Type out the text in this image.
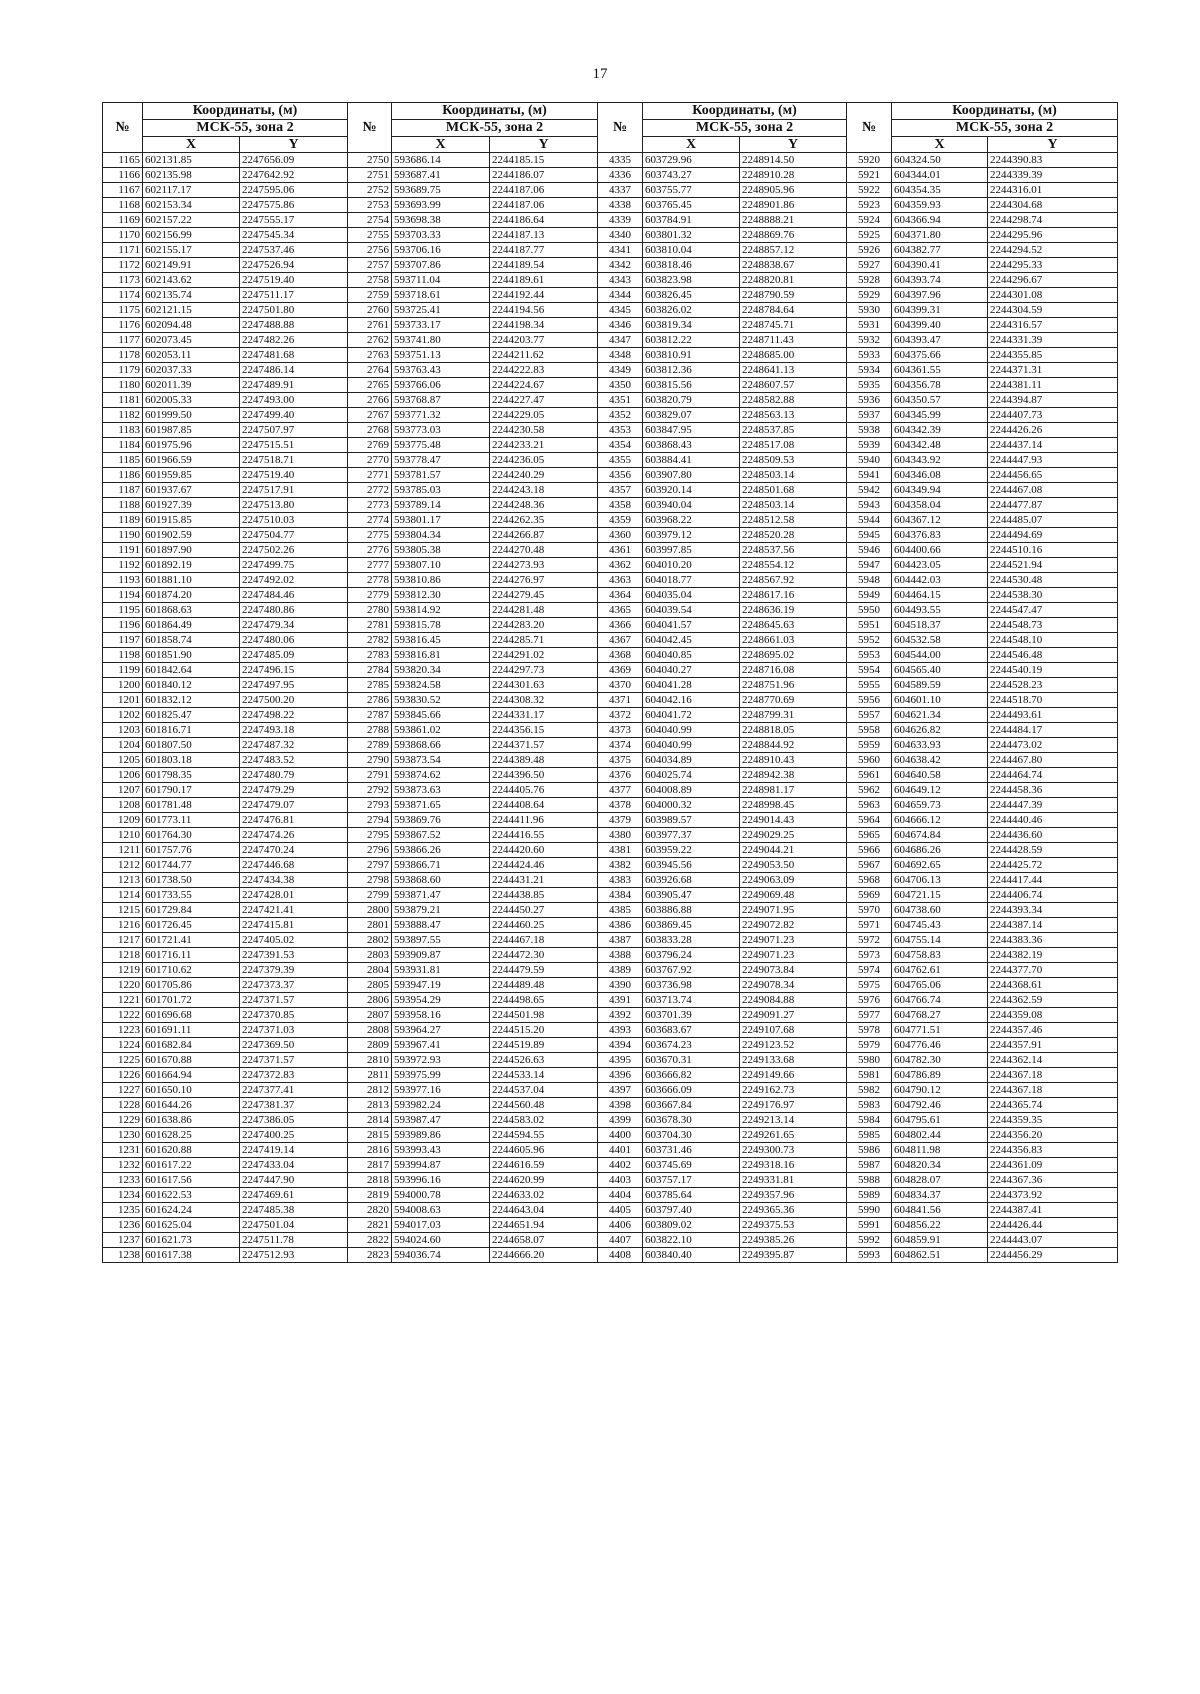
17
№	Координаты, (м)		№	Координаты, (м)		№	Координаты, (м)		№	Координаты, (м)	
	МСК-55, зона 2			МСК-55, зона 2			МСК-55, зона 2			МСК-55, зона 2	
	X	Y		X	Y		X	Y		X	Y
1165	602131.85	2247656.09	2750	593686.14	2244185.15	4335	603729.96	2248914.50	5920	604324.50	2244390.83
1166	602135.98	2247642.92	2751	593687.41	2244186.07	4336	603743.27	2248910.28	5921	604344.01	2244339.39
1167	602117.17	2247595.06	2752	593689.75	2244187.06	4337	603755.77	2248905.96	5922	604354.35	2244316.01
1168	602153.34	2247575.86	2753	593693.99	2244187.06	4338	603765.45	2248901.86	5923	604359.93	2244304.68
1169	602157.22	2247555.17	2754	593698.38	2244186.64	4339	603784.91	2248888.21	5924	604366.94	2244298.74
1170	602156.99	2247545.34	2755	593703.33	2244187.13	4340	603801.32	2248869.76	5925	604371.80	2244295.96
1171	602155.17	2247537.46	2756	593706.16	2244187.77	4341	603810.04	2248857.12	5926	604382.77	2244294.52
1172	602149.91	2247526.94	2757	593707.86	2244189.54	4342	603818.46	2248838.67	5927	604390.41	2244295.33
1173	602143.62	2247519.40	2758	593711.04	2244189.61	4343	603823.98	2248820.81	5928	604393.74	2244296.67
1174	602135.74	2247511.17	2759	593718.61	2244192.44	4344	603826.45	2248790.59	5929	604397.96	2244301.08
1175	602121.15	2247501.80	2760	593725.41	2244194.56	4345	603826.02	2248784.64	5930	604399.31	2244304.59
1176	602094.48	2247488.88	2761	593733.17	2244198.34	4346	603819.34	2248745.71	5931	604399.40	2244316.57
1177	602073.45	2247482.26	2762	593741.80	2244203.77	4347	603812.22	2248711.43	5932	604393.47	2244331.39
1178	602053.11	2247481.68	2763	593751.13	2244211.62	4348	603810.91	2248685.00	5933	604375.66	2244355.85
1179	602037.33	2247486.14	2764	593763.43	2244222.83	4349	603812.36	2248641.13	5934	604361.55	2244371.31
1180	602011.39	2247489.91	2765	593766.06	2244224.67	4350	603815.56	2248607.57	5935	604356.78	2244381.11
1181	602005.33	2247493.00	2766	593768.87	2244227.47	4351	603820.79	2248582.88	5936	604350.57	2244394.87
1182	601999.50	2247499.40	2767	593771.32	2244229.05	4352	603829.07	2248563.13	5937	604345.99	2244407.73
1183	601987.85	2247507.97	2768	593773.03	2244230.58	4353	603847.95	2248537.85	5938	604342.39	2244426.26
1184	601975.96	2247515.51	2769	593775.48	2244233.21	4354	603868.43	2248517.08	5939	604342.48	2244437.14
1185	601966.59	2247518.71	2770	593778.47	2244236.05	4355	603884.41	2248509.53	5940	604343.92	2244447.93
1186	601959.85	2247519.40	2771	593781.57	2244240.29	4356	603907.80	2248503.14	5941	604346.08	2244456.65
1187	601937.67	2247517.91	2772	593785.03	2244243.18	4357	603920.14	2248501.68	5942	604349.94	2244467.08
1188	601927.39	2247513.80	2773	593789.14	2244248.36	4358	603940.04	2248503.14	5943	604358.04	2244477.87
1189	601915.85	2247510.03	2774	593801.17	2244262.35	4359	603968.22	2248512.58	5944	604367.12	2244485.07
1190	601902.59	2247504.77	2775	593804.34	2244266.87	4360	603979.12	2248520.28	5945	604376.83	2244494.69
1191	601897.90	2247502.26	2776	593805.38	2244270.48	4361	603997.85	2248537.56	5946	604400.66	2244510.16
1192	601892.19	2247499.75	2777	593807.10	2244273.93	4362	604010.20	2248554.12	5947	604423.05	2244521.94
1193	601881.10	2247492.02	2778	593810.86	2244276.97	4363	604018.77	2248567.92	5948	604442.03	2244530.48
1194	601874.20	2247484.46	2779	593812.30	2244279.45	4364	604035.04	2248617.16	5949	604464.15	2244538.30
1195	601868.63	2247480.86	2780	593814.92	2244281.48	4365	604039.54	2248636.19	5950	604493.55	2244547.47
1196	601864.49	2247479.34	2781	593815.78	2244283.20	4366	604041.57	2248645.63	5951	604518.37	2244548.73
1197	601858.74	2247480.06	2782	593816.45	2244285.71	4367	604042.45	2248661.03	5952	604532.58	2244548.10
1198	601851.90	2247485.09	2783	593816.81	2244291.02	4368	604040.85	2248695.02	5953	604544.00	2244546.48
1199	601842.64	2247496.15	2784	593820.34	2244297.73	4369	604040.27	2248716.08	5954	604565.40	2244540.19
1200	601840.12	2247497.95	2785	593824.58	2244301.63	4370	604041.28	2248751.96	5955	604589.59	2244528.23
1201	601832.12	2247500.20	2786	593830.52	2244308.32	4371	604042.16	2248770.69	5956	604601.10	2244518.70
1202	601825.47	2247498.22	2787	593845.66	2244331.17	4372	604041.72	2248799.31	5957	604621.34	2244493.61
1203	601816.71	2247493.18	2788	593861.02	2244356.15	4373	604040.99	2248818.05	5958	604626.82	2244484.17
1204	601807.50	2247487.32	2789	593868.66	2244371.57	4374	604040.99	2248844.92	5959	604633.93	2244473.02
1205	601803.18	2247483.52	2790	593873.54	2244389.48	4375	604034.89	2248910.43	5960	604638.42	2244467.80
1206	601798.35	2247480.79	2791	593874.62	2244396.50	4376	604025.74	2248942.38	5961	604640.58	2244464.74
1207	601790.17	2247479.29	2792	593873.63	2244405.76	4377	604008.89	2248981.17	5962	604649.12	2244458.36
1208	601781.48	2247479.07	2793	593871.65	2244408.64	4378	604000.32	2248998.45	5963	604659.73	2244447.39
1209	601773.11	2247476.81	2794	593869.76	2244411.96	4379	603989.57	2249014.43	5964	604666.12	2244440.46
1210	601764.30	2247474.26	2795	593867.52	2244416.55	4380	603977.37	2249029.25	5965	604674.84	2244436.60
1211	601757.76	2247470.24	2796	593866.26	2244420.60	4381	603959.22	2249044.21	5966	604686.26	2244428.59
1212	601744.77	2247446.68	2797	593866.71	2244424.46	4382	603945.56	2249053.50	5967	604692.65	2244425.72
1213	601738.50	2247434.38	2798	593868.60	2244431.21	4383	603926.68	2249063.09	5968	604706.13	2244417.44
1214	601733.55	2247428.01	2799	593871.47	2244438.85	4384	603905.47	2249069.48	5969	604721.15	2244406.74
1215	601729.84	2247421.41	2800	593879.21	2244450.27	4385	603886.88	2249071.95	5970	604738.60	2244393.34
1216	601726.45	2247415.81	2801	593888.47	2244460.25	4386	603869.45	2249072.82	5971	604745.43	2244387.14
1217	601721.41	2247405.02	2802	593897.55	2244467.18	4387	603833.28	2249071.23	5972	604755.14	2244383.36
1218	601716.11	2247391.53	2803	593909.87	2244472.30	4388	603796.24	2249071.23	5973	604758.83	2244382.19
1219	601710.62	2247379.39	2804	593931.81	2244479.59	4389	603767.92	2249073.84	5974	604762.61	2244377.70
1220	601705.86	2247373.37	2805	593947.19	2244489.48	4390	603736.98	2249078.34	5975	604765.06	2244368.61
1221	601701.72	2247371.57	2806	593954.29	2244498.65	4391	603713.74	2249084.88	5976	604766.74	2244362.59
1222	601696.68	2247370.85	2807	593958.16	2244501.98	4392	603701.39	2249091.27	5977	604768.27	2244359.08
1223	601691.11	2247371.03	2808	593964.27	2244515.20	4393	603683.67	2249107.68	5978	604771.51	2244357.46
1224	601682.84	2247369.50	2809	593967.41	2244519.89	4394	603674.23	2249123.52	5979	604776.46	2244357.91
1225	601670.88	2247371.57	2810	593972.93	2244526.63	4395	603670.31	2249133.68	5980	604782.30	2244362.14
1226	601664.94	2247372.83	2811	593975.99	2244533.14	4396	603666.82	2249149.66	5981	604786.89	2244367.18
1227	601650.10	2247377.41	2812	593977.16	2244537.04	4397	603666.09	2249162.73	5982	604790.12	2244367.18
1228	601644.26	2247381.37	2813	593982.24	2244560.48	4398	603667.84	2249176.97	5983	604792.46	2244365.74
1229	601638.86	2247386.05	2814	593987.47	2244583.02	4399	603678.30	2249213.14	5984	604795.61	2244359.35
1230	601628.25	2247400.25	2815	593989.86	2244594.55	4400	603704.30	2249261.65	5985	604802.44	2244356.20
1231	601620.88	2247419.14	2816	593993.43	2244605.96	4401	603731.46	2249300.73	5986	604811.98	2244356.83
1232	601617.22	2247433.04	2817	593994.87	2244616.59	4402	603745.69	2249318.16	5987	604820.34	2244361.09
1233	601617.56	2247447.90	2818	593996.16	2244620.99	4403	603757.17	2249331.81	5988	604828.07	2244367.36
1234	601622.53	2247469.61	2819	594000.78	2244633.02	4404	603785.64	2249357.96	5989	604834.37	2244373.92
1235	601624.24	2247485.38	2820	594008.63	2244643.04	4405	603797.40	2249365.36	5990	604841.56	2244387.41
1236	601625.04	2247501.04	2821	594017.03	2244651.94	4406	603809.02	2249375.53	5991	604856.22	2244426.44
1237	601621.73	2247511.78	2822	594024.60	2244658.07	4407	603822.10	2249385.26	5992	604859.91	2244443.07
1238	601617.38	2247512.93	2823	594036.74	2244666.20	4408	603840.40	2249395.87	5993	604862.51	2244456.29
